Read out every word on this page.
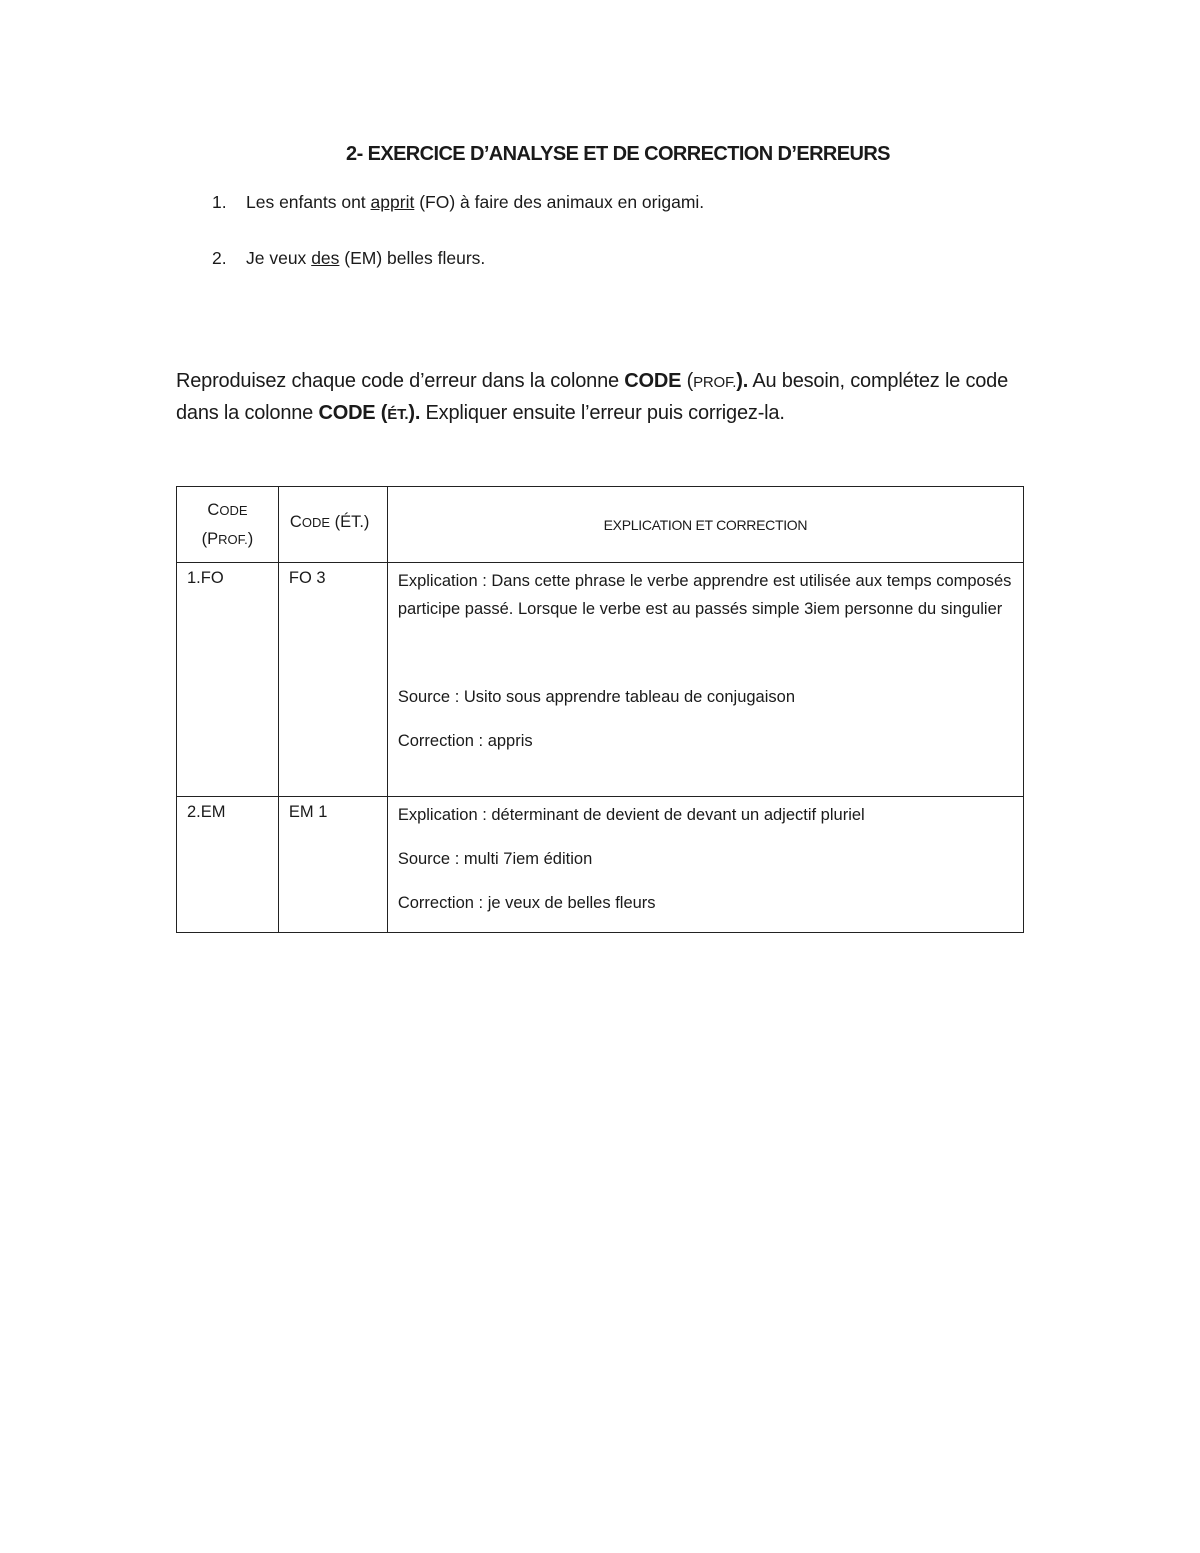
2- EXERCICE D’ANALYSE ET DE CORRECTION D’ERREURS
1. Les enfants ont apprit (FO) à faire des animaux en origami.
2. Je veux des (EM) belles fleurs.
Reproduisez chaque code d’erreur dans la colonne CODE (PROF.). Au besoin, complétez le code dans la colonne CODE (ÉT.). Expliquer ensuite l’erreur puis corrigez-la.
CODE
(PROF.)	CODE (ÉT.)	EXPLICATION ET CORRECTION
1.FO	FO 3	Explication : Dans cette phrase le verbe apprendre est utilisée aux temps composés participe passé. Lorsque le verbe est au passés simple 3iem personne du singulier

Source : Usito sous apprendre tableau de conjugaison

Correction : appris

2.EM	EM 1	Explication : déterminant de devient de devant un adjectif pluriel

Source : multi 7iem édition

Correction : je veux de belles fleurs
